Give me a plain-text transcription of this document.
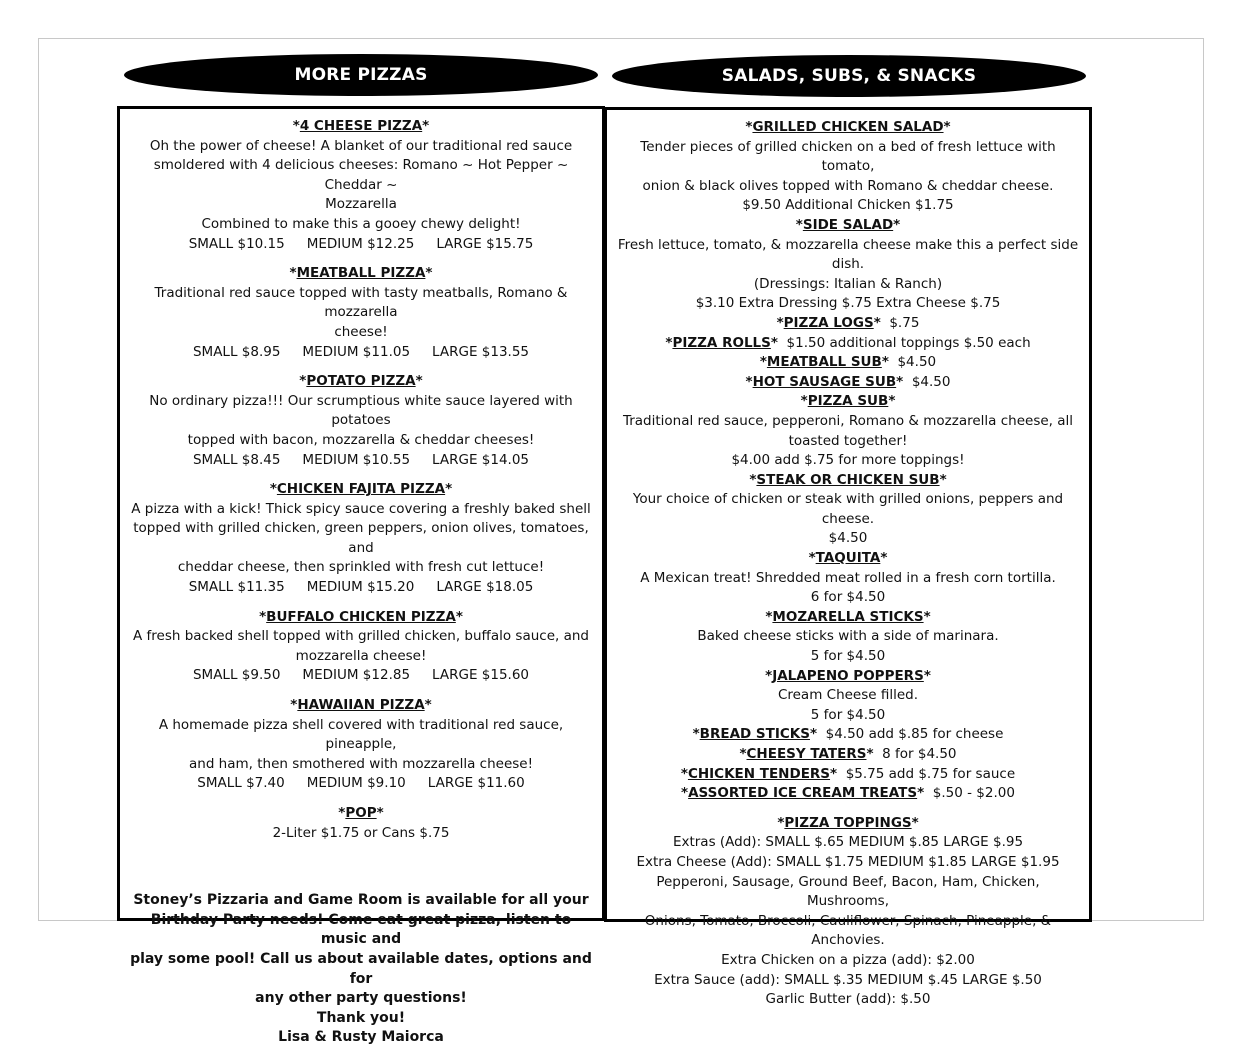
MORE PIZZAS	SALADS, SUBS, & SNACKS

*4 CHEESE PIZZA*

Oh the power of cheese! A blanket of our traditional red sauce

smoldered with 4 delicious cheeses: Romano ~ Hot Pepper ~ Cheddar ~

Mozzarella

Combined to make this a gooey chewy delight!

SMALL $10.15 MEDIUM $12.25 LARGE $15.75

*MEATBALL PIZZA*

Traditional red sauce topped with tasty meatballs, Romano & mozzarella

cheese!

SMALL $8.95 MEDIUM $11.05 LARGE $13.55

*POTATO PIZZA*

No ordinary pizza!!! Our scrumptious white sauce layered with potatoes

topped with bacon, mozzarella & cheddar cheeses!

SMALL $8.45 MEDIUM $10.55 LARGE $14.05

*CHICKEN FAJITA PIZZA*

A pizza with a kick! Thick spicy sauce covering a freshly baked shell

topped with grilled chicken, green peppers, onion olives, tomatoes, and

cheddar cheese, then sprinkled with fresh cut lettuce!

SMALL $11.35 MEDIUM $15.20 LARGE $18.05

*BUFFALO CHICKEN PIZZA*

A fresh backed shell topped with grilled chicken, buffalo sauce, and

mozzarella cheese!

SMALL $9.50 MEDIUM $12.85 LARGE $15.60

*HAWAIIAN PIZZA*

A homemade pizza shell covered with traditional red sauce, pineapple,

and ham, then smothered with mozzarella cheese!

SMALL $7.40 MEDIUM $9.10 LARGE $11.60

*POP*

2-Liter $1.75 or Cans $.75

Stoney’s Pizzaria and Game Room is available for all your

Birthday Party needs! Come eat great pizza, listen to music and

play some pool! Call us about available dates, options and for

any other party questions!

Thank you!

Lisa & Rusty Maiorca

*GRILLED CHICKEN SALAD*

Tender pieces of grilled chicken on a bed of fresh lettuce with tomato,

onion & black olives topped with Romano & cheddar cheese.

$9.50 Additional Chicken $1.75

*SIDE SALAD*

Fresh lettuce, tomato, & mozzarella cheese make this a perfect side dish.

(Dressings: Italian & Ranch)

$3.10 Extra Dressing $.75 Extra Cheese $.75

*PIZZA LOGS* $.75

*PIZZA ROLLS* $1.50 additional toppings $.50 each

*MEATBALL SUB* $4.50

*HOT SAUSAGE SUB* $4.50

*PIZZA SUB*

Traditional red sauce, pepperoni, Romano & mozzarella cheese, all

toasted together!

$4.00 add $.75 for more toppings!

*STEAK OR CHICKEN SUB*

Your choice of chicken or steak with grilled onions, peppers and cheese.

$4.50

*TAQUITA*

A Mexican treat! Shredded meat rolled in a fresh corn tortilla.

6 for $4.50

*MOZARELLA STICKS*

Baked cheese sticks with a side of marinara.

5 for $4.50

*JALAPENO POPPERS*

Cream Cheese filled.

5 for $4.50

*BREAD STICKS* $4.50 add $.85 for cheese

*CHEESY TATERS* 8 for $4.50

*CHICKEN TENDERS* $5.75 add $.75 for sauce

*ASSORTED ICE CREAM TREATS* $.50 - $2.00

*PIZZA TOPPINGS*

Extras (Add): SMALL $.65 MEDIUM $.85 LARGE $.95

Extra Cheese (Add): SMALL $1.75 MEDIUM $1.85 LARGE $1.95

Pepperoni, Sausage, Ground Beef, Bacon, Ham, Chicken, Mushrooms,

Onions, Tomato, Broccoli, Cauliflower, Spinach, Pineapple, & Anchovies.

Extra Chicken on a pizza (add): $2.00

Extra Sauce (add): SMALL $.35 MEDIUM $.45 LARGE $.50

Garlic Butter (add): $.50
